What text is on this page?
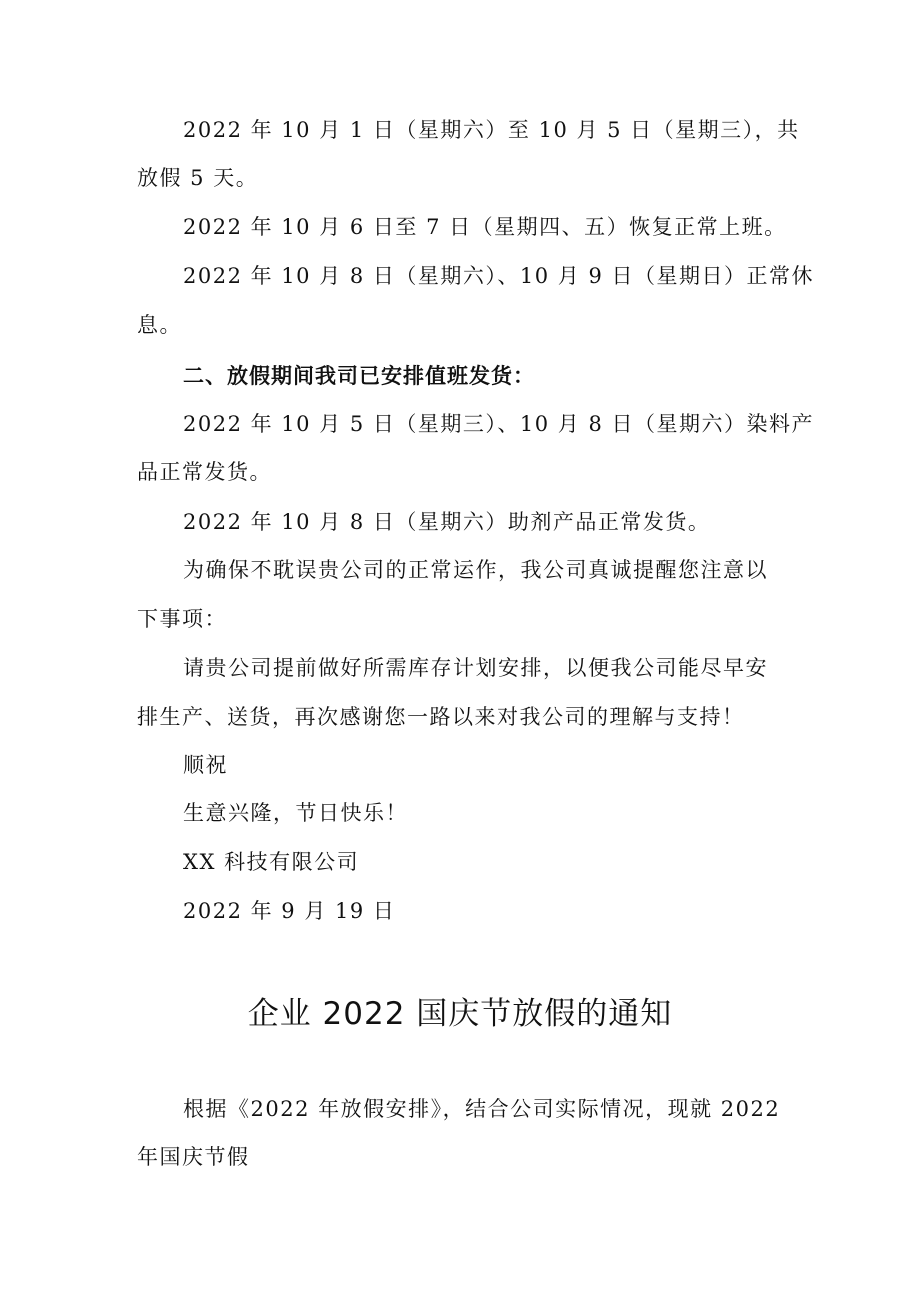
2022 年 10 月 1 日（星期六）至 10 月 5 日（星期三），共
放假 5 天。
2022 年 10 月 6 日至 7 日（星期四、五）恢复正常上班。
2022 年 10 月 8 日（星期六）、10 月 9 日（星期日）正常休
息。
二、放假期间我司已安排值班发货：
2022 年 10 月 5 日（星期三）、10 月 8 日（星期六）染料产
品正常发货。
2022 年 10 月 8 日（星期六）助剂产品正常发货。
为确保不耽误贵公司的正常运作，我公司真诚提醒您注意以
下事项：
请贵公司提前做好所需库存计划安排，以便我公司能尽早安
排生产、送货，再次感谢您一路以来对我公司的理解与支持！
顺祝
生意兴隆，节日快乐！
XX 科技有限公司
2022 年 9 月 19 日
企业 2022 国庆节放假的通知
根据《2022 年放假安排》，结合公司实际情况，现就 2022
年国庆节假
